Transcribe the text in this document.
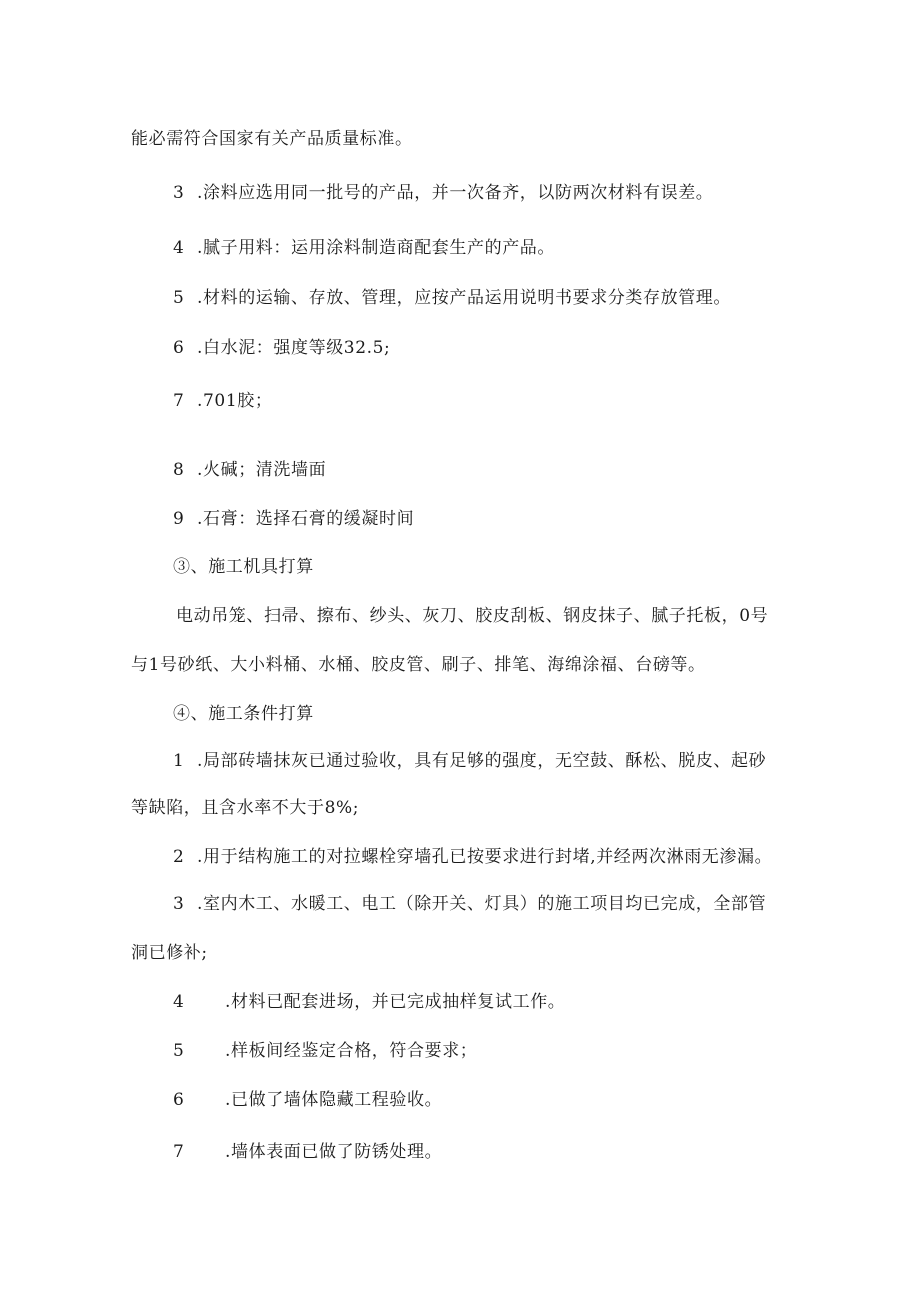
能必需符合国家有关产品质量标准。
3 .涂料应选用同一批号的产品，并一次备齐，以防两次材料有误差。
4 .腻子用料：运用涂料制造商配套生产的产品。
5 .材料的运输、存放、管理，应按产品运用说明书要求分类存放管理。
6 .白水泥：强度等级32.5;
7 .701胶；
8 .火碱；清洗墙面
9 .石膏：选择石膏的缓凝时间
③、施工机具打算
电动吊笼、扫帚、擦布、纱头、灰刀、胶皮刮板、钢皮抹子、腻子托板，0号
与1号砂纸、大小料桶、水桶、胶皮管、刷子、排笔、海绵涂福、台磅等。
④、施工条件打算
1 .局部砖墙抹灰已通过验收，具有足够的强度，无空鼓、酥松、脱皮、起砂
等缺陷，且含水率不大于8%;
2 .用于结构施工的对拉螺栓穿墙孔已按要求进行封堵,并经两次淋雨无渗漏。
3 .室内木工、水暖工、电工（除开关、灯具）的施工项目均已完成，全部管
洞已修补;
4 .材料已配套进场，并已完成抽样复试工作。
5 .样板间经鉴定合格，符合要求；
6 .已做了墙体隐藏工程验收。
7 .墙体表面已做了防锈处理。
